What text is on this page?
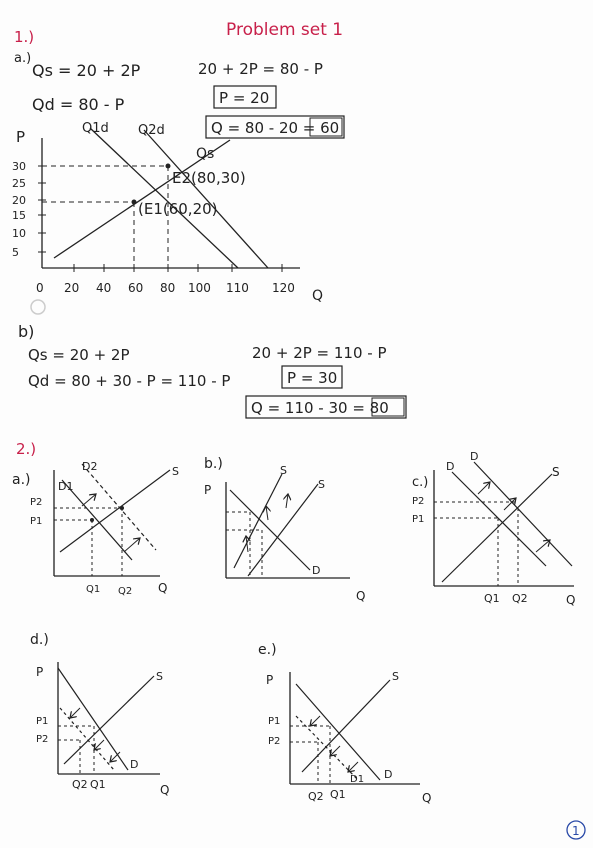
Problem set 1
1.)
a.)
Qs = 20 + 2P
Qd = 80 - P
20 + 2P = 80 - P
P = 20
Q = 80 - 20 = 60
P
Q
30
25
20
15
10
5
0 20 40 60 80 100 110 120
Q1d Q2d
Qs
E2(80,30)
(E1(60,20)
b)
Qs = 20 + 2P
Qd = 80 + 30 - P = 110 - P
20 + 2P = 110 - P
P = 30
Q = 110 - 30 = 80
2.)
a.)	D1
D2	S
P2
P1
Q1 Q2 Q
b.)
P
S
S
D
Q
c.)
D
D
S
P2
P1
Q1 Q2	Q
d.)
P	S
D
P1
P2
Q2 Q1	Q
e.)
P	S
D
D1
P1
P2
Q2 Q1	Q
1
